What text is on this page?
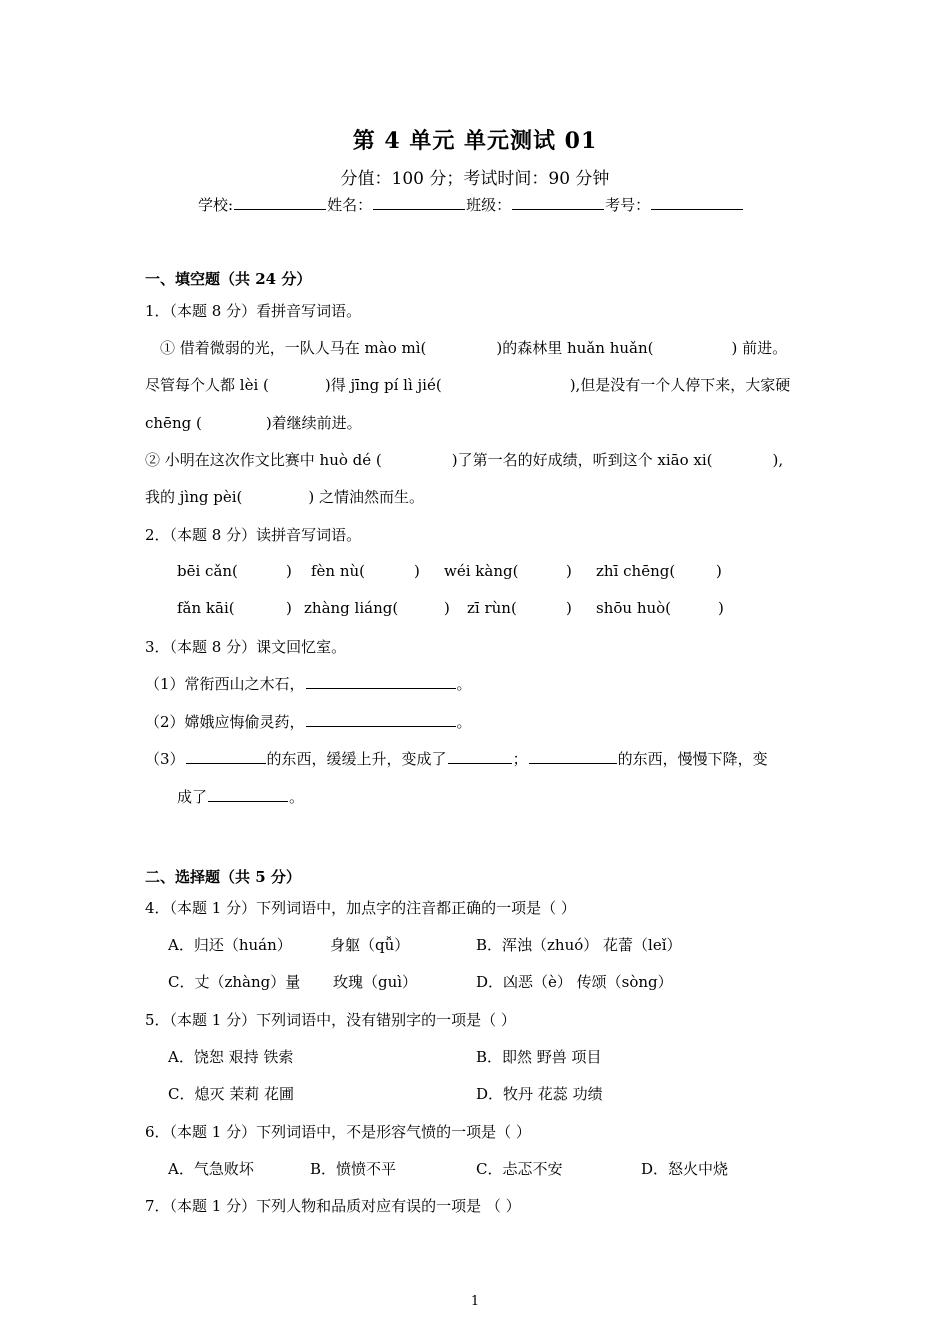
第 4 单元 单元测试 01
分值：100 分；考试时间：90 分钟
学校:	姓名：	班级：	考号：
一、填空题（共 24 分）
1．（本题 8 分）看拼音写词语。
① 借着微弱的光，一队人马在 mào mì(	)的森林里 huǎn huǎn(	) 前进。
尽管每个人都 lèi (	)得 jīng pí lì jié(	),但是没有一个人停下来，大家硬
chēng (	)着继续前进。
② 小明在这次作文比赛中 huò dé (	)了第一名的好成绩，听到这个 xiāo xi(	),
我的 jìng pèi(	) 之情油然而生。
2．（本题 8 分）读拼音写词语。
bēi cǎn(	) fèn nù(	) wéi kàng(	) zhī chēng(	)
fǎn kāi(	) zhàng liáng(	) zī rùn(	) shōu huò(	)
3．（本题 8 分）课文回忆室。
（1）常衔西山之木石，	。
（2）嫦娥应悔偷灵药，	。
（3）	的东西，缓缓上升，变成了	；	的东西，慢慢下降，变
成了	。
二、选择题（共 5 分）
4．（本题 1 分）下列词语中，加点字的注音都正确的一项是（ ）
A．归还（huán）	身躯（qǚ）	B．浑浊（zhuó） 花蕾（leǐ）
C．丈（zhàng）量 玫瑰（guì）	D．凶恶（è） 传颂（sòng）
5．（本题 1 分）下列词语中，没有错别字的一项是（ ）
A．饶恕 艰持 铁索	B．即然 野兽 项目
C．熄灭 茉莉 花圃	D．牧丹 花蕊 功绩
6．（本题 1 分）下列词语中，不是形容气愤的一项是（ ）
A．气急败坏	B．愤愤不平	C．忐忑不安	D．怒火中烧
7．（本题 1 分）下列人物和品质对应有误的一项是 （ ）
1
